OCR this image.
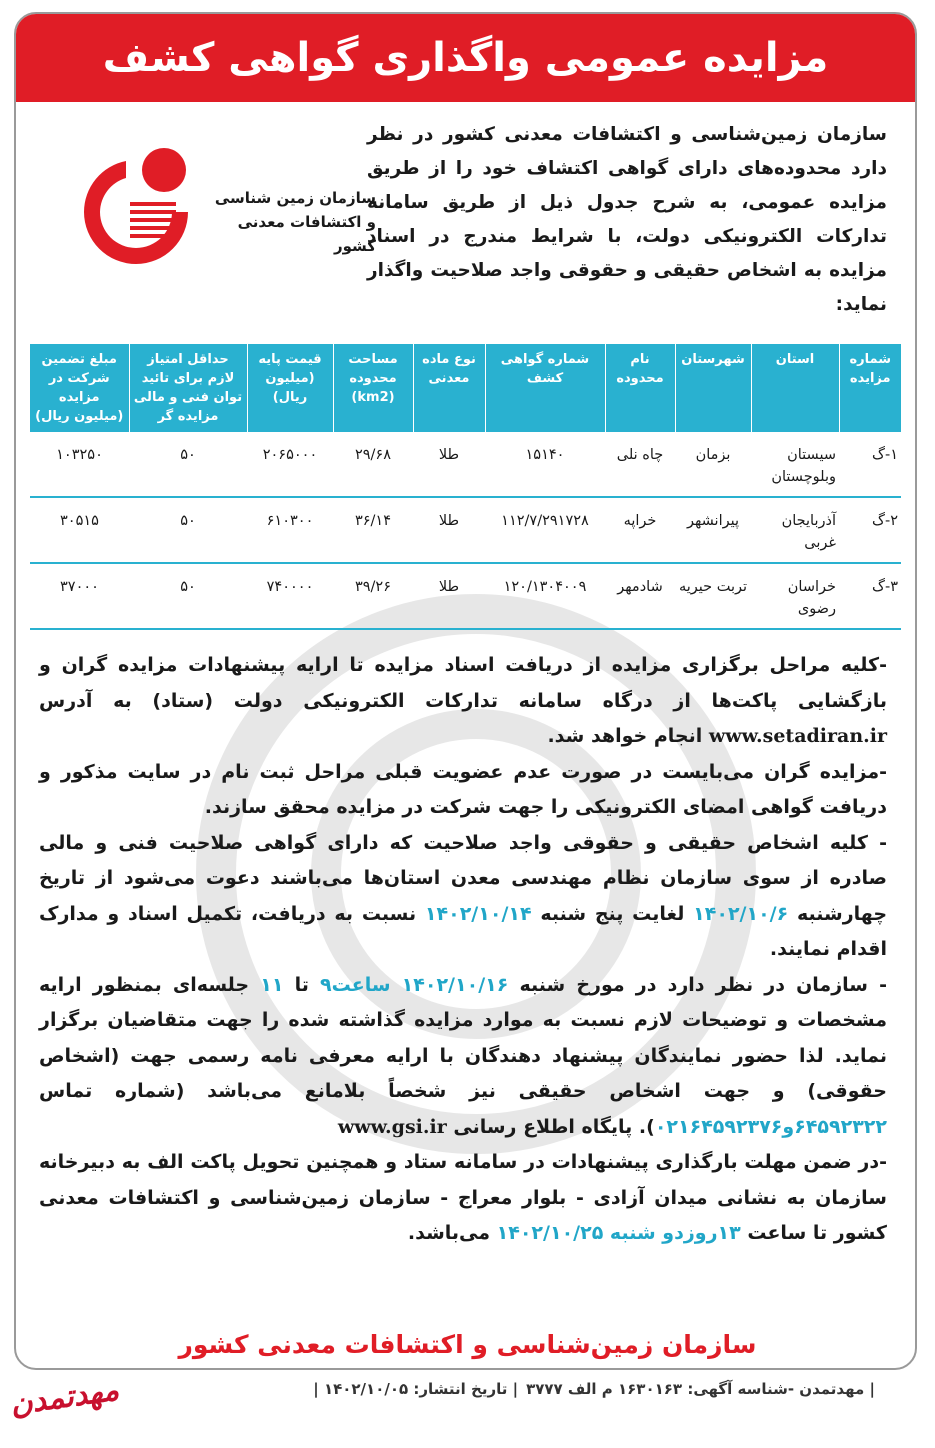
مزایده عمومی واگذاری گواهی کشف
سازمان زمین‌شناسی و اکتشافات معدنی کشور در نظر دارد محدوده‌های دارای گواهی اکتشاف خود را از طریق مزایده عمومی، به شرح جدول ذیل از طریق سامانه تدارکات الکترونیکی دولت، با شرایط مندرج در اسناد مزایده به اشخاص حقیقی و حقوقی واجد صلاحیت واگذار نماید:
سازمان زمین شناسی
و اکتشافات معدنی کشور
شماره مزایده	استان	شهرستان	نام محدوده	شماره گواهی کشف	نوع ماده معدنی	مساحت محدوده (km2)	قیمت پایه (میلیون ریال)	حداقل امتیاز لازم برای تائید توان فنی و مالی مزایده گر	مبلغ تضمین شرکت در مزایده (میلیون ریال)
۱-گ	سیستان وبلوچستان	بزمان	چاه نلی	۱۵۱۴۰	طلا	۲۹/۶۸	۲۰۶۵۰۰۰	۵۰	۱۰۳۲۵۰
۲-گ	آذربایجان غربی	پیرانشهر	خراپه	۱۱۲/۷/۲۹۱۷۲۸	طلا	۳۶/۱۴	۶۱۰۳۰۰	۵۰	۳۰۵۱۵
۳-گ	خراسان رضوی	تربت حیریه	شادمهر	۱۲۰/۱۳۰۴۰۰۹	طلا	۳۹/۲۶	۷۴۰۰۰۰	۵۰	۳۷۰۰۰

-کلیه مراحل برگزاری مزایده از دریافت اسناد مزایده تا ارایه پیشنهادات مزایده گران و بازگشایی پاکت‌ها از درگاه سامانه تدارکات الکترونیکی دولت (ستاد) به آدرس www.setadiran.ir انجام خواهد شد.

-مزایده گران می‌بایست در صورت عدم عضویت قبلی مراحل ثبت نام در سایت مذکور و دریافت گواهی امضای الکترونیکی را جهت شرکت در مزایده محقق سازند.

- کلیه اشخاص حقیقی و حقوقی واجد صلاحیت که دارای گواهی صلاحیت فنی و مالی صادره از سوی سازمان نظام مهندسی معدن استان‌ها می‌باشند دعوت می‌شود از تاریخ چهارشنبه ۱۴۰۲/۱۰/۶ لغایت پنج شنبه ۱۴۰۲/۱۰/۱۴ نسبت به دریافت، تکمیل اسناد و مدارک اقدام نمایند.

- سازمان در نظر دارد در مورخ شنبه ۱۴۰۲/۱۰/۱۶ ساعت۹ تا ۱۱ جلسه‌ای بمنظور ارایه مشخصات و توضیحات لازم نسبت به موارد مزایده گذاشته شده را جهت متقاضیان برگزار نماید. لذا حضور نمایندگان پیشنهاد دهندگان با ارایه معرفی نامه رسمی جهت (اشخاص حقوقی) و جهت اشخاص حقیقی نیز شخصاً بلامانع می‌باشد (شماره تماس ۶۴۵۹۲۳۲۲و۰۲۱۶۴۵۹۲۳۷۶). پایگاه اطلاع رسانی www.gsi.ir

-در ضمن مهلت بارگذاری پیشنهادات در سامانه ستاد و همچنین تحویل پاکت الف به دبیرخانه سازمان به نشانی میدان آزادی - بلوار معراج - سازمان زمین‌شناسی و اکتشافات معدنی کشور تا ساعت ۱۳روزدو شنبه ۱۴۰۲/۱۰/۲۵ می‌باشد.

سازمان زمین‌شناسی و اکتشافات معدنی کشور
| مهدتمدن -شناسه آگهی: ۱۶۳۰۱۶۳ م الف ۳۷۷۷
| تاریخ انتشار: ۱۴۰۲/۱۰/۰۵ |
مهدتمدن
